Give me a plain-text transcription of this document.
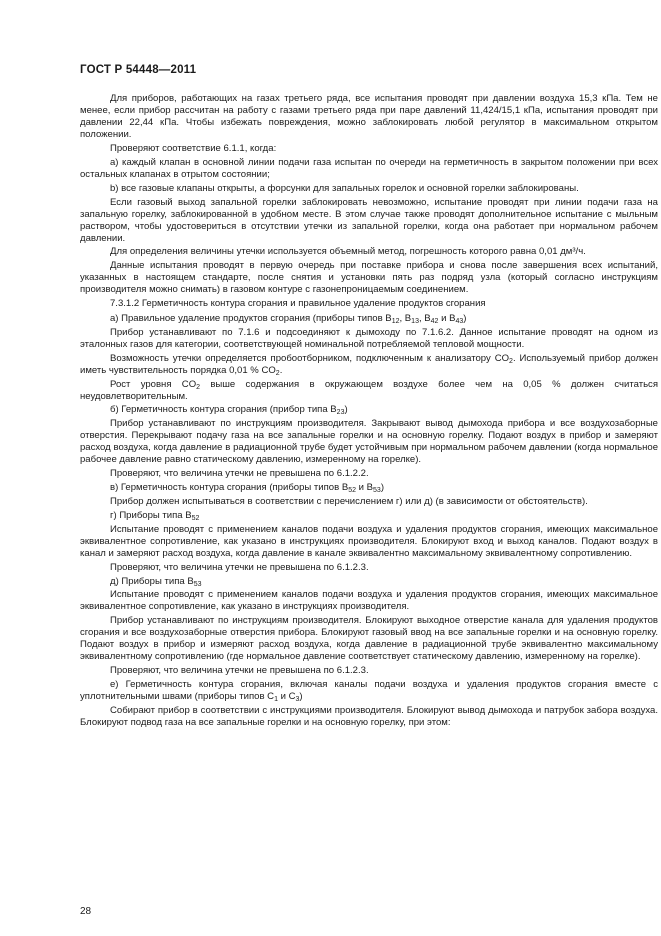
ГОСТ Р 54448—2011

Для приборов, работающих на газах третьего ряда, все испытания проводят при давлении воздуха 15,3 кПа. Тем не менее, если прибор рассчитан на работу с газами третьего ряда при паре давлений 11,424/15,1 кПа, испытания проводят при давлении 22,44 кПа. Чтобы избежать повреждения, можно заблокировать любой регулятор в максимальном открытом положении.

Проверяют соответствие 6.1.1, когда:

а) каждый клапан в основной линии подачи газа испытан по очереди на герметичность в закрытом положении при всех остальных клапанах в отрытом состоянии;

b) все газовые клапаны открыты, а форсунки для запальных горелок и основной горелки заблокированы.

Если газовый выход запальной горелки заблокировать невозможно, испытание проводят при линии подачи газа на запальную горелку, заблокированной в удобном месте. В этом случае также проводят дополнительное испытание с мыльным раствором, чтобы удостовериться в отсутствии утечки из запальной горелки, когда она работает при нормальном рабочем давлении.

Для определения величины утечки используется объемный метод, погрешность которого равна 0,01 дм³/ч.

Данные испытания проводят в первую очередь при поставке прибора и снова после завершения всех испытаний, указанных в настоящем стандарте, после снятия и установки пять раз подряд узла (который согласно инструкциям производителя можно снимать) в газовом контуре с газонепроницаемым соединением.

7.3.1.2 Герметичность контура сгорания и правильное удаление продуктов сгорания

а) Правильное удаление продуктов сгорания (приборы типов $B_{12}$, $B_{13}$, $B_{42}$ и $B_{43}$)

Прибор устанавливают по 7.1.6 и подсоединяют к дымоходу по 7.1.6.2. Данное испытание проводят на одном из эталонных газов для категории, соответствующей номинальной потребляемой тепловой мощности.

Возможность утечки определяется пробоотборником, подключенным к анализатору $CO_2$. Используемый прибор должен иметь чувствительность порядка 0,01 % $CO_2$.

Рост уровня $CO_2$ выше содержания в окружающем воздухе более чем на 0,05 % должен считаться неудовлетворительным.

б) Герметичность контура сгорания (прибор типа $B_{23}$)

Прибор устанавливают по инструкциям производителя. Закрывают вывод дымохода прибора и все воздухозаборные отверстия. Перекрывают подачу газа на все запальные горелки и на основную горелку. Подают воздух в прибор и замеряют расход воздуха, когда давление в радиационной трубе будет устойчивым при нормальном рабочем давлении (когда нормальное рабочее давление равно статическому давлению, измеренному на горелке).

Проверяют, что величина утечки не превышена по 6.1.2.2.

в) Герметичность контура сгорания (приборы типов $B_{52}$ и $B_{53}$)

Прибор должен испытываться в соответствии с перечислением г) или д) (в зависимости от обстоятельств).

г) Приборы типа $B_{52}$

Испытание проводят с применением каналов подачи воздуха и удаления продуктов сгорания, имеющих максимальное эквивалентное сопротивление, как указано в инструкциях производителя. Блокируют вход и выход каналов. Подают воздух в канал и замеряют расход воздуха, когда давление в канале эквивалентно максимальному эквивалентному сопротивлению.

Проверяют, что величина утечки не превышена по 6.1.2.3.

д) Приборы типа $B_{53}$

Испытание проводят с применением каналов подачи воздуха и удаления продуктов сгорания, имеющих максимальное эквивалентное сопротивление, как указано в инструкциях производителя.

Прибор устанавливают по инструкциям производителя. Блокируют выходное отверстие канала для удаления продуктов сгорания и все воздухозаборные отверстия прибора. Блокируют газовый ввод на все запальные горелки и на основную горелку. Подают воздух в прибор и измеряют расход воздуха, когда давление в радиационной трубе эквивалентно максимальному эквивалентному сопротивлению (где нормальное давление соответствует статическому давлению, измеренному на горелке).

Проверяют, что величина утечки не превышена по 6.1.2.3.

е) Герметичность контура сгорания, включая каналы подачи воздуха и удаления продуктов сгорания вместе с уплотнительными швами (приборы типов $C_1$ и $C_3$)

Собирают прибор в соответствии с инструкциями производителя. Блокируют вывод дымохода и патрубок забора воздуха. Блокируют подвод газа на все запальные горелки и на основную горелку, при этом:

28
